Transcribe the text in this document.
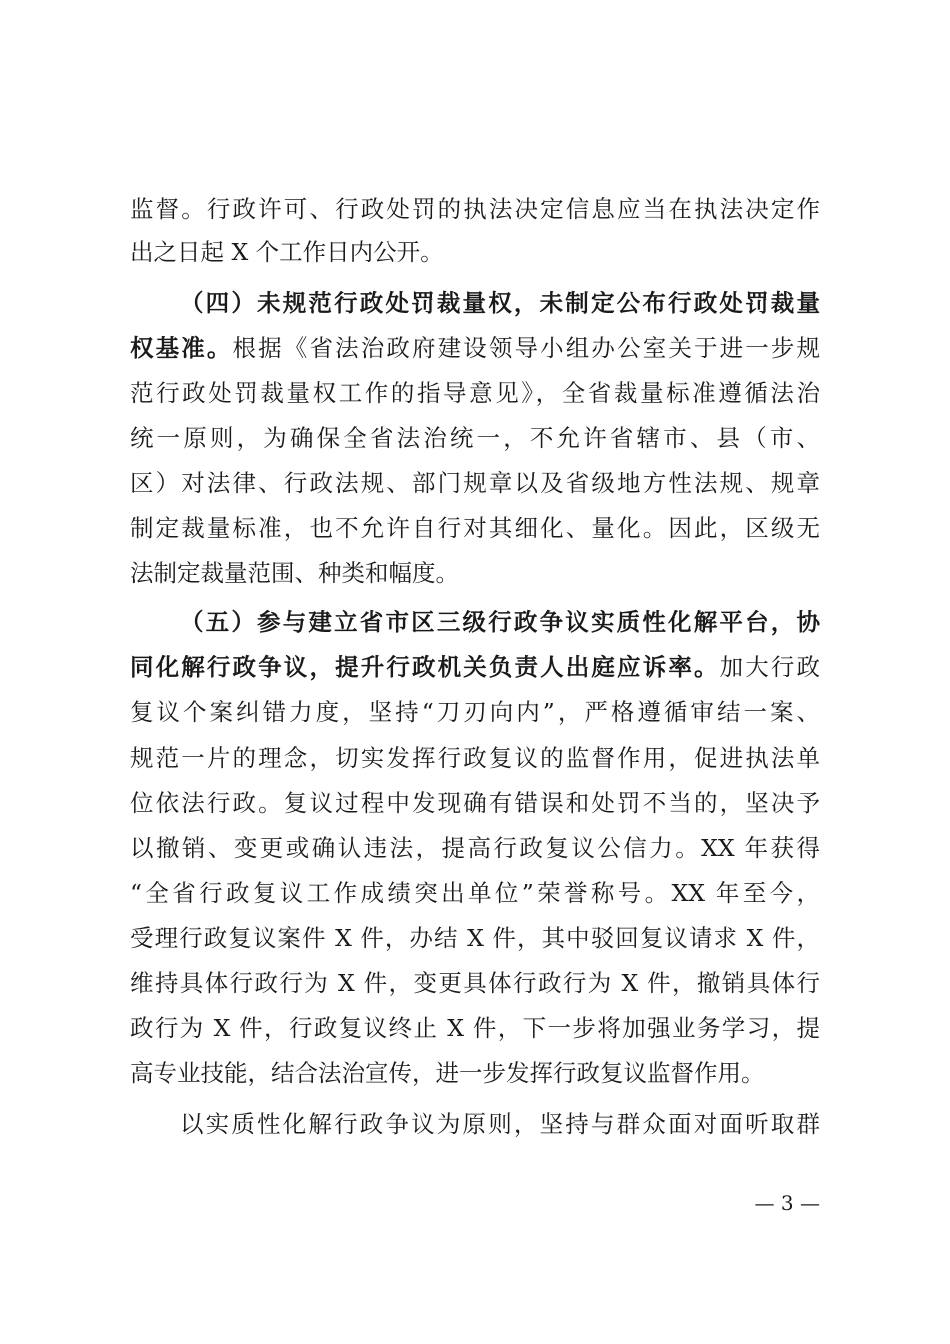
监督。行政许可、行政处罚的执法决定信息应当在执法决定作
出之日起 X 个工作日内公开。
（四）未规范行政处罚裁量权，未制定公布行政处罚裁量
权基准。根据《省法治政府建设领导小组办公室关于进一步规
范行政处罚裁量权工作的指导意见》，全省裁量标准遵循法治
统一原则，为确保全省法治统一，不允许省辖市、县（市、
区）对法律、行政法规、部门规章以及省级地方性法规、规章
制定裁量标准，也不允许自行对其细化、量化。因此，区级无
法制定裁量范围、种类和幅度。
（五）参与建立省市区三级行政争议实质性化解平台，协
同化解行政争议，提升行政机关负责人出庭应诉率。加大行政
复议个案纠错力度，坚持“刀刃向内”，严格遵循审结一案、
规范一片的理念，切实发挥行政复议的监督作用，促进执法单
位依法行政。复议过程中发现确有错误和处罚不当的，坚决予
以撤销、变更或确认违法，提高行政复议公信力。XX 年获得
“全省行政复议工作成绩突出单位”荣誉称号。XX 年至今，
受理行政复议案件 X 件，办结 X 件，其中驳回复议请求 X 件，
维持具体行政行为 X 件，变更具体行政行为 X 件，撤销具体行
政行为 X 件，行政复议终止 X 件，下一步将加强业务学习，提
高专业技能，结合法治宣传，进一步发挥行政复议监督作用。
以实质性化解行政争议为原则，坚持与群众面对面听取群
— 3 —
